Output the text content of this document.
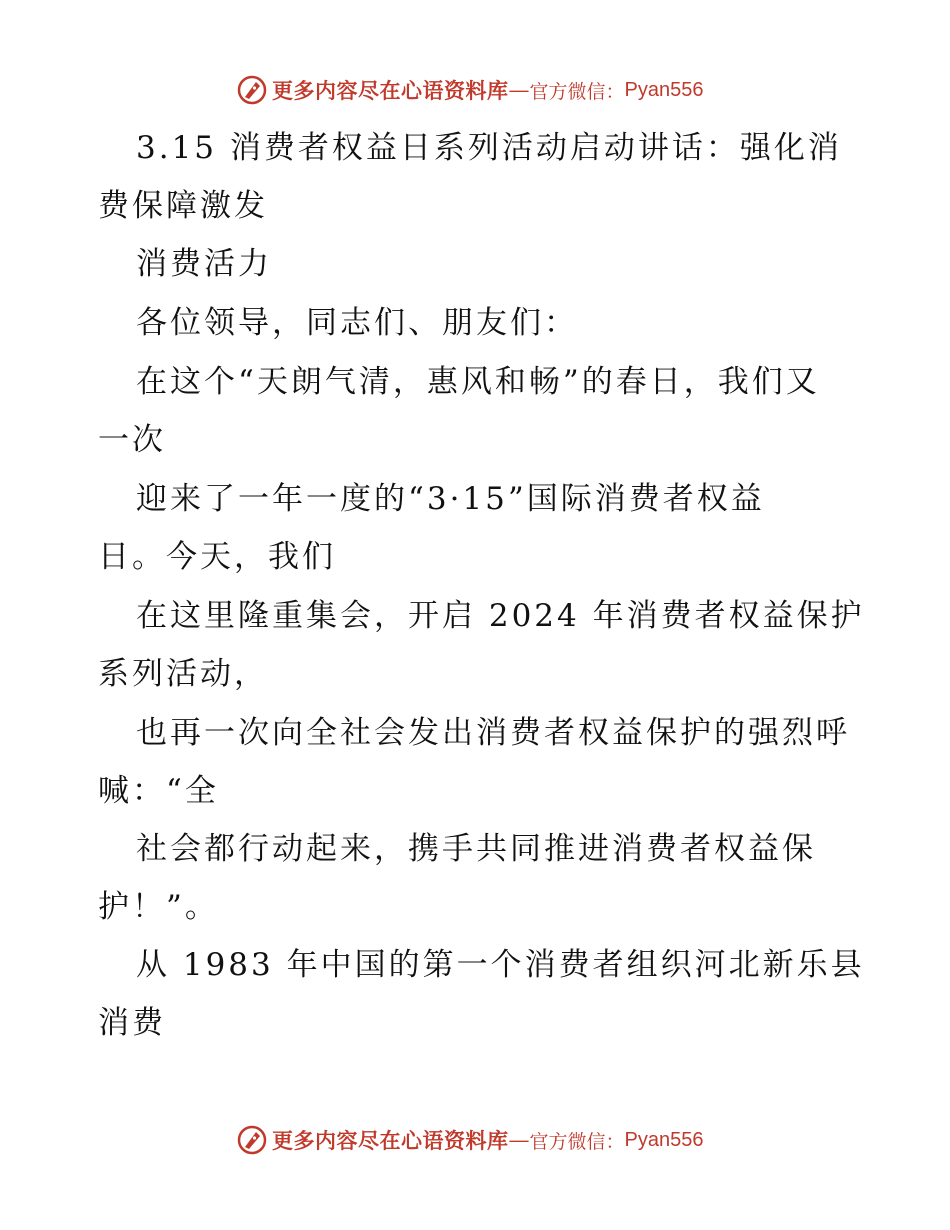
更多内容尽在心语资料库 — 官方微信： Pyan556
3.15 消费者权益日系列活动启动讲话：强化消
费保障激发
消费活力
各位领导，同志们、朋友们：
在这个“天朗气清，惠风和畅”的春日，我们又
一次
迎来了一年一度的“3·15”国际消费者权益
日。今天，我们
在这里隆重集会，开启 2024 年消费者权益保护
系列活动，
也再一次向全社会发出消费者权益保护的强烈呼
喊：“全
社会都行动起来，携手共同推进消费者权益保
护！”。
从 1983 年中国的第一个消费者组织河北新乐县
消费
更多内容尽在心语资料库 — 官方微信： Pyan556
